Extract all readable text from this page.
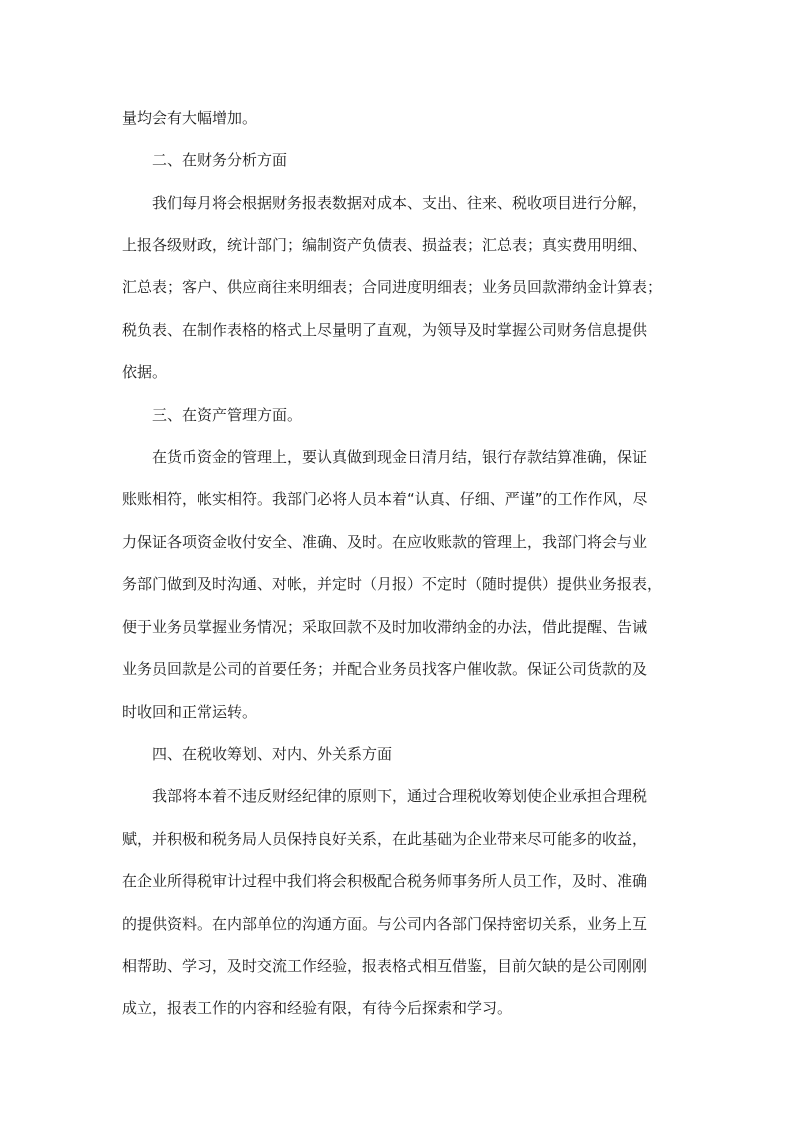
量均会有大幅增加。

二、在财务分析方面

我们每月将会根据财务报表数据对成本、支出、往来、税收项目进行分解，

上报各级财政，统计部门；编制资产负债表、损益表；汇总表；真实费用明细、

汇总表；客户、供应商往来明细表；合同进度明细表；业务员回款滞纳金计算表；

税负表、在制作表格的格式上尽量明了直观，为领导及时掌握公司财务信息提供

依据。

三、在资产管理方面。

在货币资金的管理上，要认真做到现金日清月结，银行存款结算准确，保证

账账相符，帐实相符。我部门必将人员本着“认真、仔细、严谨”的工作作风，尽

力保证各项资金收付安全、准确、及时。在应收账款的管理上，我部门将会与业

务部门做到及时沟通、对帐，并定时（月报）不定时（随时提供）提供业务报表，

便于业务员掌握业务情况；采取回款不及时加收滞纳金的办法，借此提醒、告诫

业务员回款是公司的首要任务；并配合业务员找客户催收款。保证公司货款的及

时收回和正常运转。

四、在税收筹划、对内、外关系方面

我部将本着不违反财经纪律的原则下，通过合理税收筹划使企业承担合理税

赋，并积极和税务局人员保持良好关系，在此基础为企业带来尽可能多的收益，

在企业所得税审计过程中我们将会积极配合税务师事务所人员工作，及时、准确

的提供资料。在内部单位的沟通方面。与公司内各部门保持密切关系，业务上互

相帮助、学习，及时交流工作经验，报表格式相互借鉴，目前欠缺的是公司刚刚

成立，报表工作的内容和经验有限，有待今后探索和学习。
